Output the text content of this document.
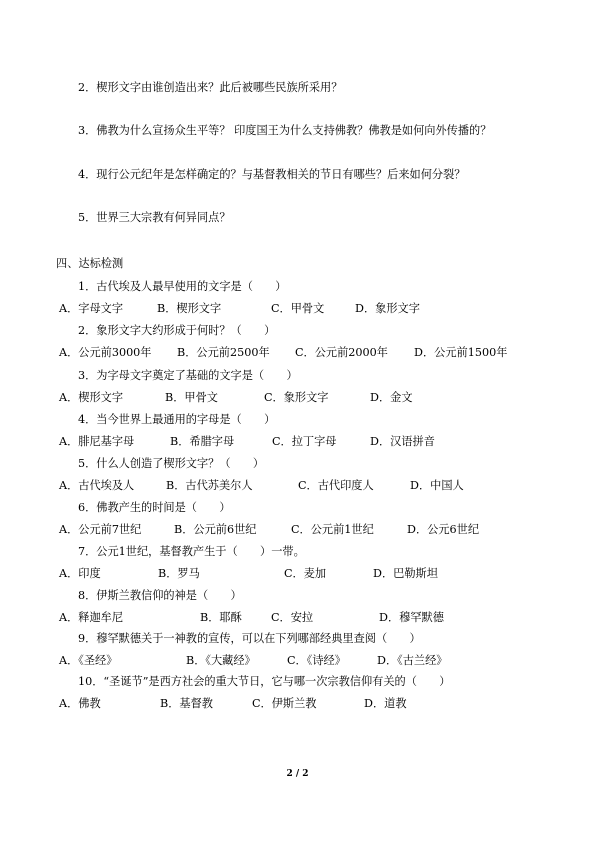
2．楔形文字由谁创造出来？此后被哪些民族所采用？
3．佛教为什么宣扬众生平等？ 印度国王为什么支持佛教？佛教是如何向外传播的？
4．现行公元纪年是怎样确定的？与基督教相关的节日有哪些？后来如何分裂？
5．世界三大宗教有何异同点？
四、达标检测
1．古代埃及人最早使用的文字是（　　）
A．字母文字	B．楔形文字	C．甲骨文	D．象形文字
2．象形文字大约形成于何时？（　　）
A．公元前3000年 B．公元前2500年 C．公元前2000年 D．公元前1500年
3．为字母文字奠定了基础的文字是（　　）
A．楔形文字	B．甲骨文	C．象形文字	D．金文
4．当今世界上最通用的字母是（　　）
A．腓尼基字母	B．希腊字母	C．拉丁字母	D．汉语拼音
5．什么人创造了楔形文字？（　　）
A．古代埃及人	B．古代苏美尔人	C．古代印度人	D．中国人
6．佛教产生的时间是（　　）
A．公元前7世纪	B．公元前6世纪	C．公元前1世纪	D．公元6世纪
7．公元1世纪，基督教产生于（　　）一带。
A．印度	B．罗马	C．麦加	D．巴勒斯坦
8．伊斯兰教信仰的神是（　　）
A．释迦牟尼	B．耶酥	C．安拉	D．穆罕默德
9．穆罕默德关于一神教的宣传，可以在下列哪部经典里查阅（　　）
A．《圣经》	B．《大藏经》	C．《诗经》	D．《古兰经》
10．“圣诞节”是西方社会的重大节日，它与哪一次宗教信仰有关的（　　）
A．佛教	B．基督教	C．伊斯兰教	D．道教
2 / 2
